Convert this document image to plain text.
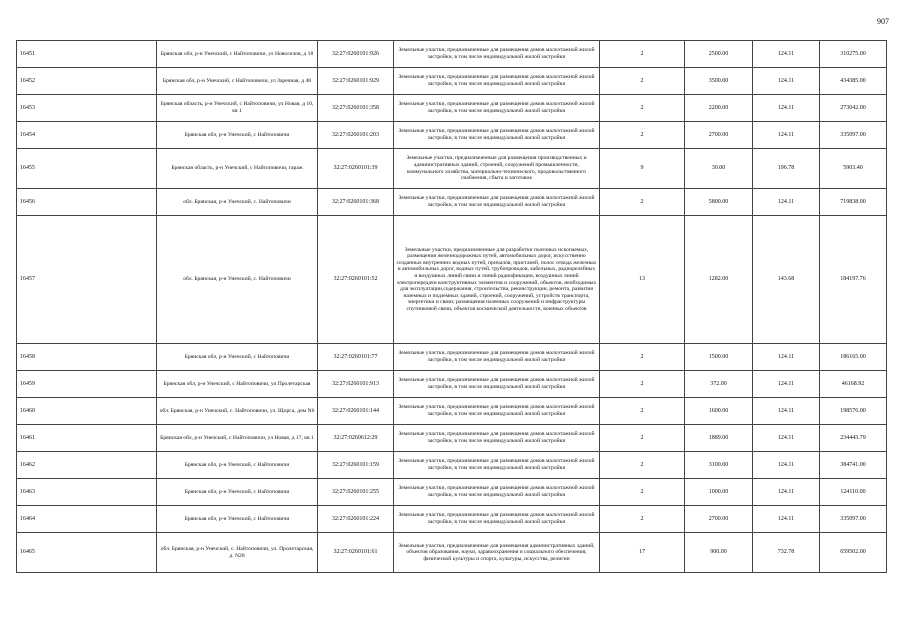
907
16451	Брянская обл, р-н Унечский, с Найтоповичи, ул Новоселов, д 18	32:27:0260101:926	Земельные участки, предназначенные для размещения домов малоэтажной жилой застройки, в том числе индивидуальной жилой застройки	2	2500.00	124.11	310275.00
16452	Брянская обл, р-н Унечский, с Найтоповичи, ул Заречная, д 48	32:27:0260101:929	Земельные участки, предназначенные для размещения домов малоэтажной жилой застройки, в том числе индивидуальной жилой застройки	2	3500.00	124.11	434385.00
16453	Брянская область, р-н Унечский, с Найтоповичи, ул Новая, д 10, кв 1	32:27:0260101:358	Земельные участки, предназначенные для размещения домов малоэтажной жилой застройки, в том числе индивидуальной жилой застройки	2	2200.00	124.11	273042.00
16454	Брянская обл, р-н Унечский, с Найтоповичи	32:27:0260101:203	Земельные участки, предназначенные для размещения домов малоэтажной жилой застройки, в том числе индивидуальной жилой застройки	2	2700.00	124.11	335097.00
16455	Брянская область, р-н Унечский, с Найтоповичи, гараж	32:27:0260101:39	Земельные участки, предназначенные для размещения производственных и административных зданий, строений, сооружений промышленности, коммунального хозяйства, материально-технического, продовольственного снабжения, сбыта и заготовок	9	30.00	196.78	5903.40
16456	обл. Брянская, р-н Унечский, с. Найтоповичи	32:27:0260101:368	Земельные участки, предназначенные для размещения домов малоэтажной жилой застройки, в том числе индивидуальной жилой застройки	2	5800.00	124.11	719838.00
16457	обл. Брянская, р-н Унечский, с. Найтоповичи	32:27:0260101:52	Земельные участки, предназначенные для разработки полезных ископаемых, размещения железнодорожных путей, автомобильных дорог, искусственно созданных внутренних водных путей, причалов, пристаней, полос отвода железных и автомобильных дорог, водных путей, трубопроводов, кабельных, радиорелейных и воздушных линий связи и линий радиофикации, воздушных линий электропередачи конструктивных элементов и сооружений, объектов, необходимых для эксплуатации,содержания, строительства, реконструкции, ремонта, развития наземных и подземных зданий, строений, сооружений, устройств транспорта, энергетики и связи; размещения наземных сооружений и инфраструктуры спутниковой связи, объектов космической деятельности, военных объектов	13	1282.00	143.68	184197.76
16458	Брянская обл, р-н Унечский, с Найтоповичи	32:27:0260101:77	Земельные участки, предназначенные для размещения домов малоэтажной жилой застройки, в том числе индивидуальной жилой застройки	2	1500.00	124.11	186165.00
16459	Брянская обл, р-н Унечский, с Найтоповичи, ул Пролетарская	32:27:0260101:913	Земельные участки, предназначенные для размещения домов малоэтажной жилой застройки, в том числе индивидуальной жилой застройки	2	372.00	124.11	46168.92
16460	обл. Брянская, р-н Унечский, с. Найтоповичи, ул. Щорса, дом N6	32:27:0260101:144	Земельные участки, предназначенные для размещения домов малоэтажной жилой застройки, в том числе индивидуальной жилой застройки	2	1600.00	124.11	198576.00
16461	Брянская обл, р-н Унечский, с Найтоповичи, ул Новая, д 17, кв 1	32:27:0260612:29	Земельные участки, предназначенные для размещения домов малоэтажной жилой застройки, в том числе индивидуальной жилой застройки	2	1889.00	124.11	234443.79
16462	Брянская обл, р-н Унечский, с Найтоповичи	32:27:0260101:159	Земельные участки, предназначенные для размещения домов малоэтажной жилой застройки, в том числе индивидуальной жилой застройки	2	3100.00	124.11	384741.00
16463	Брянская обл, р-н Унечский, с Найтоповичи	32:27:0260101:255	Земельные участки, предназначенные для размещения домов малоэтажной жилой застройки, в том числе индивидуальной жилой застройки	2	1000.00	124.11	124110.00
16464	Брянская обл, р-н Унечский, с Найтоповичи	32:27:0260101:224	Земельные участки, предназначенные для размещения домов малоэтажной жилой застройки, в том числе индивидуальной жилой застройки	2	2700.00	124.11	335097.00
16465	обл. Брянская, р-н Унечский, с. Найтоповичи, ул. Пролетарская, д. N28	32:27:0260101:61	Земельные участки, предназначенные для размещения административных зданий, объектов образования, науки, здравоохранения и социального обеспечения, физической культуры и спорта, культуры, искусства, религии	17	900.00	732.78	659502.00
